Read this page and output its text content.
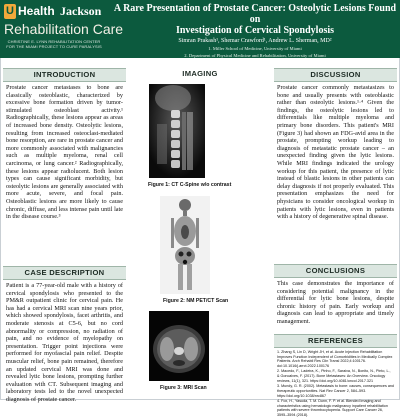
U Health Jackson
Rehabilitation Care
CHRISTINE E. LYNN REHABILITATION CENTER FOR THE MIAMI PROJECT TO CURE PARALYSIS
A Rare Presentation of Prostate Cancer: Osteolytic Lesions Found on
Investigation of Cervical Spondylosis
Simran Prakash¹, Shemar Crawford¹, Andrew L. Sherman, MD²
1. Miller School of Medicine, University of Miami
2. Department of Physical Medicine and Rehabilitation, University of Miami
INTRODUCTION
Prostate cancer metastases to bone are classically osteoblastic, characterized by excessive bone formation driven by tumor-stimulated osteoblast activity.¹ Radiographically, these lesions appear as areas of increased bone density. Osteolytic lesions, resulting from increased osteoclast-mediated bone resorption, are rare in prostate cancer and more commonly associated with malignancies such as multiple myeloma, renal cell carcinoma, or lung cancer.² Radiographically, these lesions appear radiolucent. Both lesion types can cause significant morbidity, but osteolytic lesions are generally associated with more acute, severe, and focal pain. Osteoblastic lesions are more likely to cause chronic, diffuse, and less intense pain until late in the disease course.³
CASE DESCRIPTION
Patient is a 77-year-old male with a history of cervical spondylosis who presented to the PM&R outpatient clinic for cervical pain. He has had a cervical MRI scan nine years prior, which showed spondylosis, facet arthritis, and moderate stenosis at C5-6, but no cord abnormality or compression, no radiation of pain, and no evidence of myelopathy on presentation. Trigger point injections were performed for myofascial pain relief. Despite muscular relief, bone pain remained, therefore an updated cervical MRI was done and revealed lytic bone lesions, prompting further evaluation with CT. Subsequent imaging and laboratory tests led to the novel unexpected diagnosis of prostate cancer.
IMAGING
Figure 1: CT C-Spine w/o contrast
Figure 2: NM PET/CT Scan
Figure 3: MRI Scan
DISCUSSION
Prostate cancer commonly metastasizes to bone and usually presents with osteoblastic rather than osteolytic lesions.¹·⁴ Given the findings, the osteolytic lesions led to differentials like multiple myeloma and primary bone disorders. This patient's MRI (Figure 3) had shown an FDG-avid area in the prostate, prompting workup leading to diagnosis of metastatic prostate cancer – an unexpected finding given the lytic lesions. While MRI findings indicated the urology workup for this patient, the presence of lytic instead of blastic lesions in other patients can delay diagnosis if not properly evaluated. This presentation emphasizes the need for physicians to consider oncological workup in patients with lytic lesions, even in patients with a history of degenerative spinal disease.
CONCLUSIONS
This case demonstrates the importance of considering potential malignancy in the differential for lytic bone lesions, despite chronic history of pain. Early workup and diagnosis can lead to appropriate and timely management.
REFERENCES
1. Zhang S, Lin D, Wright JH, et al. Acute Injection Rehabilitation Improves Function Independent of Comorbidities in Medically Complex Patients. Arch Rehabil Res Clin Transl 2022;4:100176. doi:10.1016/j.arrct.2022.100176
2. Macedo, F., Ladeira, K., Pinho, F., Saraiva, N., Bonito, N., Pinto, L., & Goncalves, F. (2017). Bone Metastases: An Overview. Oncology reviews, 11(1), 321. https://doi.org/10.4081/oncol.2017.321
3. Mundy, G. R. (2002). Metastasis to bone: causes, consequences and therapeutic opportunities. Nat Rev Cancer 2, 584–593. https://doi.org/10.1038/nrc867
4. Fox, H., Yasuda, T. M. Dunn, F. P. et al. Blended imaging and characteristics using hematologic malignancy inpatient rehabilitation patients with severe thrombocytopenia. Support Care Cancer 26, 3595–3594 (2018).
